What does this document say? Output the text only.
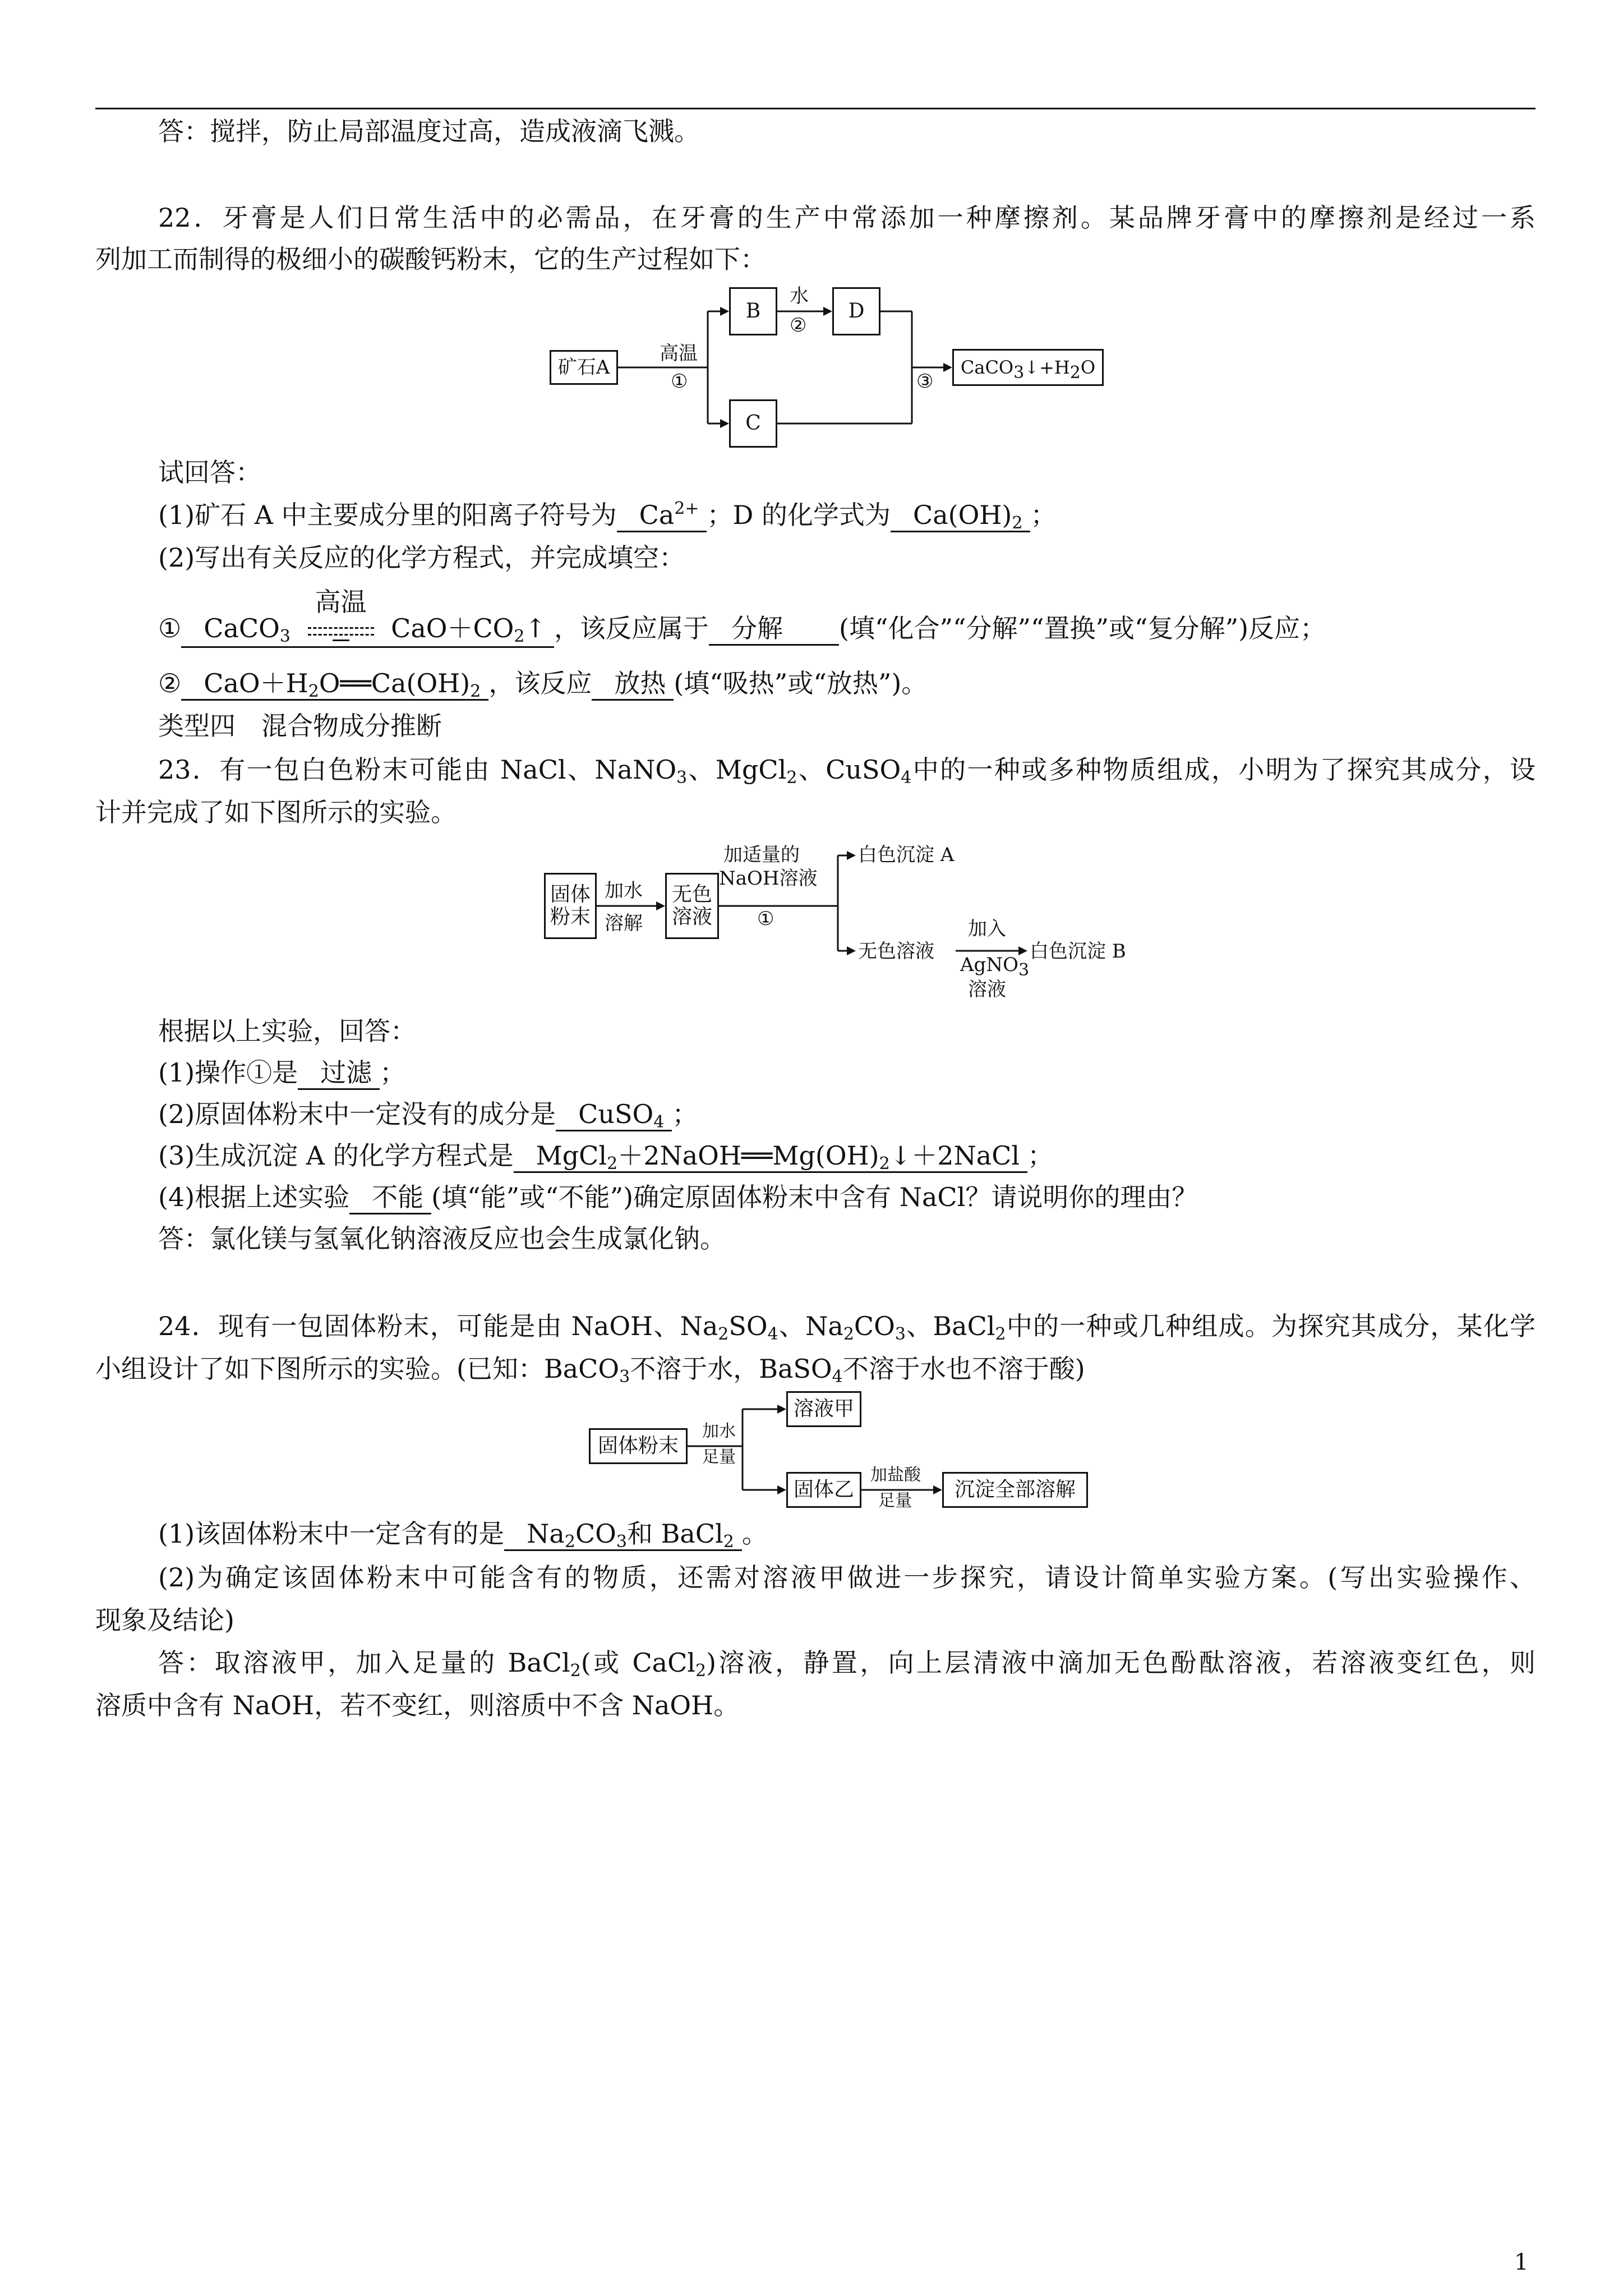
答：搅拌，防止局部温度过高，造成液滴飞溅。
22．牙膏是人们日常生活中的必需品，在牙膏的生产中常添加一种摩擦剂。某品牌牙膏中的摩擦剂是经过一系
列加工而制得的极细小的碳酸钙粉末，它的生产过程如下：
矿石A
高温
①
B
C
D
水
②
③
$CaCO_3↓+H_2O$
试回答：
(1)矿石 A 中主要成分里的阳离子符号为 $Ca^{2+}$ ；D 的化学式为 $Ca(OH)_2$ ；
(2)写出有关反应的化学方程式，并完成填空：
① CaCO$_3$
高温
$CaO+CO_2↑$ ，该反应属于 分解 (填“化合”“分解”“置换”或“复分解”)反应；
② $CaO+H_2O══Ca(OH)_2$ ，该反应 放热 (填“吸热”或“放热”)。
类型四　混合物成分推断
23．有一包白色粉末可能由 NaCl、NaNO$_3$、MgCl$_2$、CuSO$_4$中的一种或多种物质组成，小明为了探究其成分，设
计并完成了如下图所示的实验。
固体
粉末
加水
溶解
无色
溶液
加适量的
NaOH溶液
①
白色沉淀 A
无色溶液
加入
AgNO$_3$
溶液
白色沉淀 B
根据以上实验，回答：
(1)操作①是 过滤 ；
(2)原固体粉末中一定没有的成分是 CuSO$_4$ ；
(3)生成沉淀 A 的化学方程式是 $MgCl_2+2NaOH══Mg(OH)_2↓+2NaCl$ ；
(4)根据上述实验 不能 (填“能”或“不能”)确定原固体粉末中含有 NaCl？请说明你的理由？
答：氯化镁与氢氧化钠溶液反应也会生成氯化钠。
24．现有一包固体粉末，可能是由 NaOH、$Na_2SO_4$、$Na_2CO_3$、BaCl$_2$中的一种或几种组成。为探究其成分，某化学
小组设计了如下图所示的实验。(已知：BaCO$_3$不溶于水，BaSO$_4$不溶于水也不溶于酸)
固体粉末
加水
足量
溶液甲
固体乙
加盐酸
足量 沉淀全部溶解
(1)该固体粉末中一定含有的是 $Na_2CO_3$和 BaCl$_2$ 。
(2)为确定该固体粉末中可能含有的物质，还需对溶液甲做进一步探究，请设计简单实验方案。(写出实验操作、
现象及结论)
答：取溶液甲，加入足量的 BaCl$_2$(或 CaCl$_2$)溶液，静置，向上层清液中滴加无色酚酞溶液，若溶液变红色，则
溶质中含有 NaOH，若不变红，则溶质中不含 NaOH。
1
